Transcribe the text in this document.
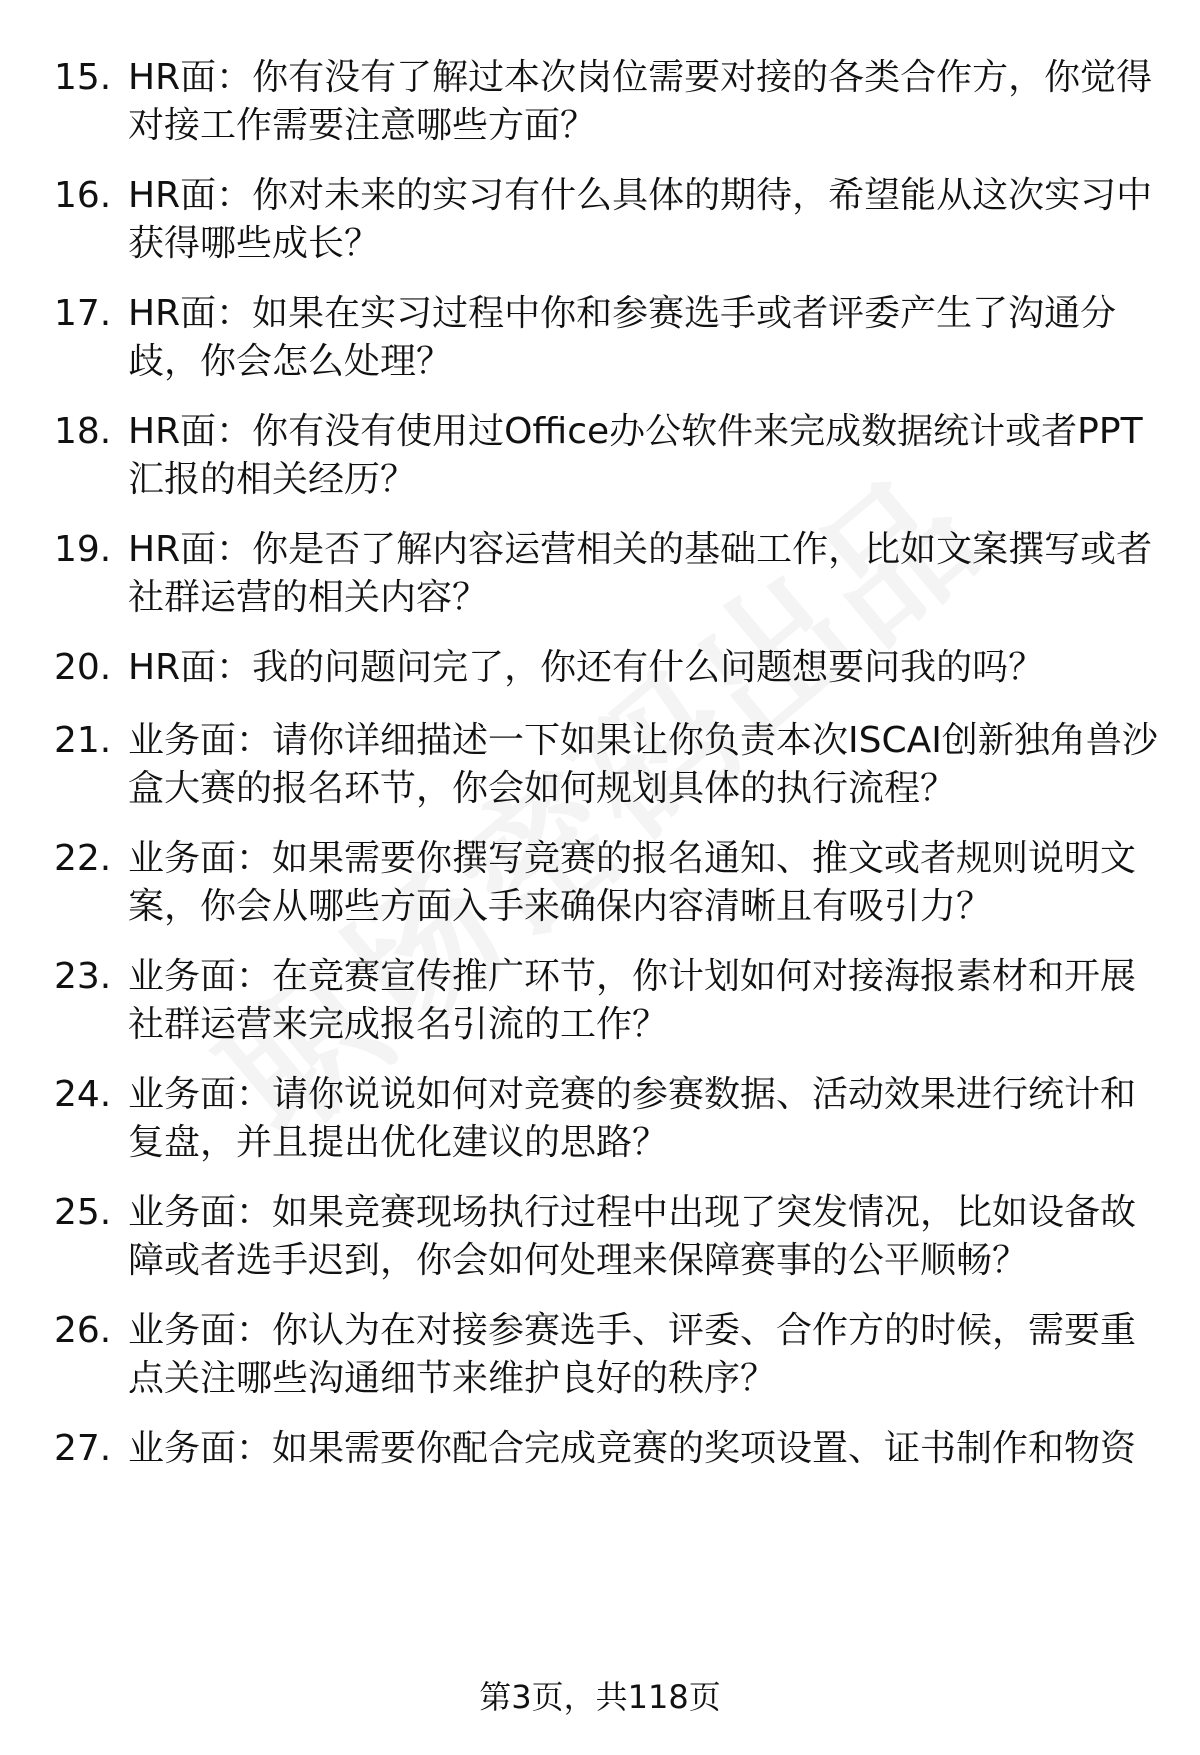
15. HR面：你有没有了解过本次岗位需要对接的各类合作方，你觉得对接工作需要注意哪些方面？
16. HR面：你对未来的实习有什么具体的期待，希望能从这次实习中获得哪些成长？
17. HR面：如果在实习过程中你和参赛选手或者评委产生了沟通分歧，你会怎么处理？
18. HR面：你有没有使用过Office办公软件来完成数据统计或者PPT汇报的相关经历？
19. HR面：你是否了解内容运营相关的基础工作，比如文案撰写或者社群运营的相关内容？
20. HR面：我的问题问完了，你还有什么问题想要问我的吗？
21. 业务面：请你详细描述一下如果让你负责本次ISCAI创新独角兽沙盒大赛的报名环节，你会如何规划具体的执行流程？
22. 业务面：如果需要你撰写竞赛的报名通知、推文或者规则说明文案，你会从哪些方面入手来确保内容清晰且有吸引力？
23. 业务面：在竞赛宣传推广环节，你计划如何对接海报素材和开展社群运营来完成报名引流的工作？
24. 业务面：请你说说如何对竞赛的参赛数据、活动效果进行统计和复盘，并且提出优化建议的思路？
25. 业务面：如果竞赛现场执行过程中出现了突发情况，比如设备故障或者选手迟到，你会如何处理来保障赛事的公平顺畅？
26. 业务面：你认为在对接参赛选手、评委、合作方的时候，需要重点关注哪些沟通细节来维护良好的秩序？
27. 业务面：如果需要你配合完成竞赛的奖项设置、证书制作和物资
第3页，共118页
